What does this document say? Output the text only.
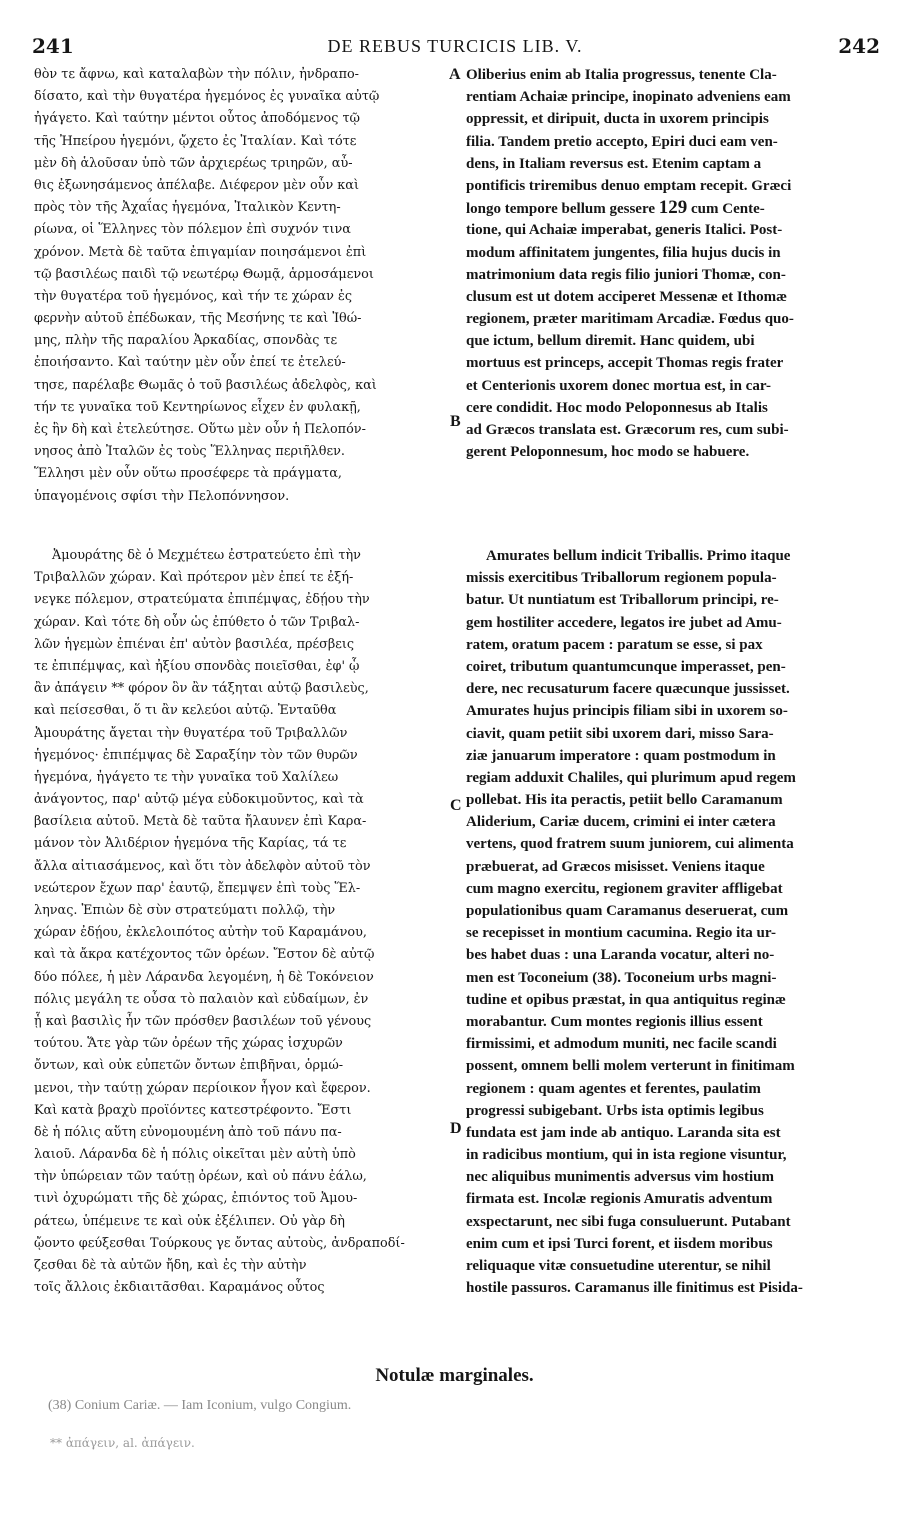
241	DE REBUS TURCICIS LIB. V.	242
θὸν τε ἄφνω, καὶ καταλαβὼν τὴν πόλιν, ἠνδραπο-
δίσατο, καὶ τὴν θυγατέρα ἡγεμόνος ἐς γυναῖκα αὐτῷ
ἠγάγετο. Καὶ ταύτην μέντοι οὗτος ἀποδόμενος τῷ
τῆς Ἠπείρου ἡγεμόνι, ᾤχετο ἐς Ἰταλίαν. Καὶ τότε
μὲν δὴ ἁλοῦσαν ὑπὸ τῶν ἀρχιερέως τριηρῶν, αὖ-
θις ἐξωνησάμενος ἀπέλαβε. Διέφερον μὲν οὖν καὶ
πρὸς τὸν τῆς Ἀχαΐας ἡγεμόνα, Ἰταλικὸν Κεντη-
ρίωνα, οἱ Ἕλληνες τὸν πόλεμον ἐπὶ συχνόν τινα
χρόνον. Μετὰ δὲ ταῦτα ἐπιγαμίαν ποιησάμενοι ἐπὶ
τῷ βασιλέως παιδὶ τῷ νεωτέρῳ Θωμᾷ, ἁρμοσάμενοι
τὴν θυγατέρα τοῦ ἡγεμόνος, καὶ τήν τε χώραν ἐς
φερνὴν αὐτοῦ ἐπέδωκαν, τῆς Μεσήνης τε καὶ Ἰθώ-
μης, πλὴν τῆς παραλίου Ἀρκαδίας, σπονδὰς τε
ἐποιήσαντο. Καὶ ταύτην μὲν οὖν ἐπεί τε ἐτελεύ-
τησε, παρέλαβε Θωμᾶς ὁ τοῦ βασιλέως ἀδελφὸς, καὶ
τήν τε γυναῖκα τοῦ Κεντηρίωνος εἶχεν ἐν φυλακῇ,
ἐς ἣν δὴ καὶ ἐτελεύτησε. Οὕτω μὲν οὖν ἡ Πελοπόν-
νησος ἀπὸ Ἰταλῶν ἐς τοὺς Ἕλληνας περιῆλθεν.
Ἕλλησι μὲν οὖν οὕτω προσέφερε τὰ πράγματα,
ὑπαγομένοις σφίσι τὴν Πελοπόννησον.
Oliberius enim ab Italia progressus, tenente Cla-
rentiam Achaiæ principe, inopinato adveniens eam
oppressit, et diripuit, ducta in uxorem principis
filia. Tandem pretio accepto, Epiri duci eam ven-
dens, in Italiam reversus est. Etenim captam a
pontificis triremibus denuo emptam recepit. Græci
longo tempore bellum gessere 129 cum Cente-
tione, qui Achaiæ imperabat, generis Italici. Post-
modum affinitatem jungentes, filia hujus ducis in
matrimonium data regis filio juniori Thomæ, con-
clusum est ut dotem acciperet Messenæ et Ithomæ
regionem, præter maritimam Arcadiæ. Fœdus quo-
que ictum, bellum diremit. Hanc quidem, ubi
mortuus est princeps, accepit Thomas regis frater
et Centerionis uxorem donec mortua est, in car-
cere condidit. Hoc modo Peloponnesus ab Italis
ad Græcos translata est. Græcorum res, cum subi-
gerent Peloponnesum, hoc modo se habuere.
Ἀμουράτης δὲ ὁ Μεχμέτεω ἐστρατεύετο ἐπὶ τὴν
Τριβαλλῶν χώραν. Καὶ πρότερον μὲν ἐπεί τε ἐξή-
νεγκε πόλεμον, στρατεύματα ἐπιπέμψας, ἐδῄου τὴν
χώραν. Καὶ τότε δὴ οὖν ὡς ἐπύθετο ὁ τῶν Τριβαλ-
λῶν ἡγεμὼν ἐπιέναι ἐπ' αὐτὸν βασιλέα, πρέσβεις
τε ἐπιπέμψας, καὶ ἠξίου σπονδὰς ποιεῖσθαι, ἐφ' ᾧ
ἂν ἀπάγειν ** φόρον ὃν ἂν τάξηται αὐτῷ βασιλεὺς,
καὶ πείσεσθαι, ὅ τι ἂν κελεύοι αὐτῷ. Ἐνταῦθα
Ἀμουράτης ἄγεται τὴν θυγατέρα τοῦ Τριβαλλῶν
ἡγεμόνος· ἐπιπέμψας δὲ Σαραξίην τὸν τῶν θυρῶν
ἡγεμόνα, ἠγάγετο τε τὴν γυναῖκα τοῦ Χαλίλεω
ἀνάγοντος, παρ' αὐτῷ μέγα εὐδοκιμοῦντος, καὶ τὰ
βασίλεια αὐτοῦ. Μετὰ δὲ ταῦτα ἤλαυνεν ἐπὶ Καρα-
μάνον τὸν Ἀλιδέριον ἡγεμόνα τῆς Καρίας, τά τε
ἄλλα αἰτιασάμενος, καὶ ὅτι τὸν ἀδελφὸν αὐτοῦ τὸν
νεώτερον ἔχων παρ' ἑαυτῷ, ἔπεμψεν ἐπὶ τοὺς Ἕλ-
ληνας. Ἐπιὼν δὲ σὺν στρατεύματι πολλῷ, τὴν
χώραν ἐδῄου, ἐκλελοιπότος αὐτὴν τοῦ Καραμάνου,
καὶ τὰ ἄκρα κατέχοντος τῶν ὀρέων. Ἔστον δὲ αὐτῷ
δύο πόλεε, ἡ μὲν Λάρανδα λεγομένη, ἡ δὲ Τοκόνειον
πόλις μεγάλη τε οὖσα τὸ παλαιὸν καὶ εὐδαίμων, ἐν
ᾗ καὶ βασιλὶς ἦν τῶν πρόσθεν βασιλέων τοῦ γένους
τούτου. Ἅτε γὰρ τῶν ὀρέων τῆς χώρας ἰσχυρῶν
ὄντων, καὶ οὐκ εὐπετῶν ὄντων ἐπιβῆναι, ὁρμώ-
μενοι, τὴν ταύτῃ χώραν περίοικον ἦγον καὶ ἔφερον.
Καὶ κατὰ βραχὺ προϊόντες κατεστρέφοντο. Ἔστι
δὲ ἡ πόλις αὕτη εὐνομουμένη ἀπὸ τοῦ πάνυ πα-
λαιοῦ. Λάρανδα δὲ ἡ πόλις οἰκεῖται μὲν αὐτὴ ὑπὸ
τὴν ὑπώρειαν τῶν ταύτῃ ὀρέων, καὶ οὐ πάνυ ἐάλω,
τινὶ ὀχυρώματι τῆς δὲ χώρας, ἐπιόντος τοῦ Ἀμου-
ράτεω, ὑπέμεινε τε καὶ οὐκ ἐξέλιπεν. Οὐ γὰρ δὴ
ᾤοντο φεύξεσθαι Τούρκους γε ὄντας αὐτοὺς, ἀνδραποδί-
ζεσθαι δὲ τὰ αὐτῶν ἤδη, καὶ ἐς τὴν αὐτὴν
τοῖς ἄλλοις ἐκδιαιτᾶσθαι. Καραμάνος οὗτος
Amurates bellum indicit Triballis. Primo itaque
missis exercitibus Triballorum regionem popula-
batur. Ut nuntiatum est Triballorum principi, re-
gem hostiliter accedere, legatos ire jubet ad Amu-
ratem, oratum pacem : paratum se esse, si pax
coiret, tributum quantumcunque imperasset, pen-
dere, nec recusaturum facere quæcunque jussisset.
Amurates hujus principis filiam sibi in uxorem so-
ciavit, quam petiit sibi uxorem dari, misso Sara-
ziæ januarum imperatore : quam postmodum in
regiam adduxit Chaliles, qui plurimum apud regem
pollebat. His ita peractis, petiit bello Caramanum
Aliderium, Cariæ ducem, crimini ei inter cætera
vertens, quod fratrem suum juniorem, cui alimenta
præbuerat, ad Græcos misisset. Veniens itaque
cum magno exercitu, regionem graviter affligebat
populationibus quam Caramanus deseruerat, cum
se recepisset in montium cacumina. Regio ita ur-
bes habet duas : una Laranda vocatur, alteri no-
men est Toconeium (38). Toconeium urbs magni-
tudine et opibus præstat, in qua antiquitus reginæ
morabantur. Cum montes regionis illius essent
firmissimi, et admodum muniti, nec facile scandi
possent, omnem belli molem verterunt in finitimam
regionem : quam agentes et ferentes, paulatim
progressi subigebant. Urbs ista optimis legibus
fundata est jam inde ab antiquo. Laranda sita est
in radicibus montium, qui in ista regione visuntur,
nec aliquibus munimentis adversus vim hostium
firmata est. Incolæ regionis Amuratis adventum
exspectarunt, nec sibi fuga consuluerunt. Putabant
enim cum et ipsi Turci forent, et iisdem moribus
reliquaque vitæ consuetudine uterentur, se nihil
hostile passuros. Caramanus ille finitimus est Pisida-
A
B
C
D
Notulæ marginales.
(38) Conium Cariæ. — Iam Iconium, vulgo Congium.
** ἀπάγειν, al. ἀπάγειν.
